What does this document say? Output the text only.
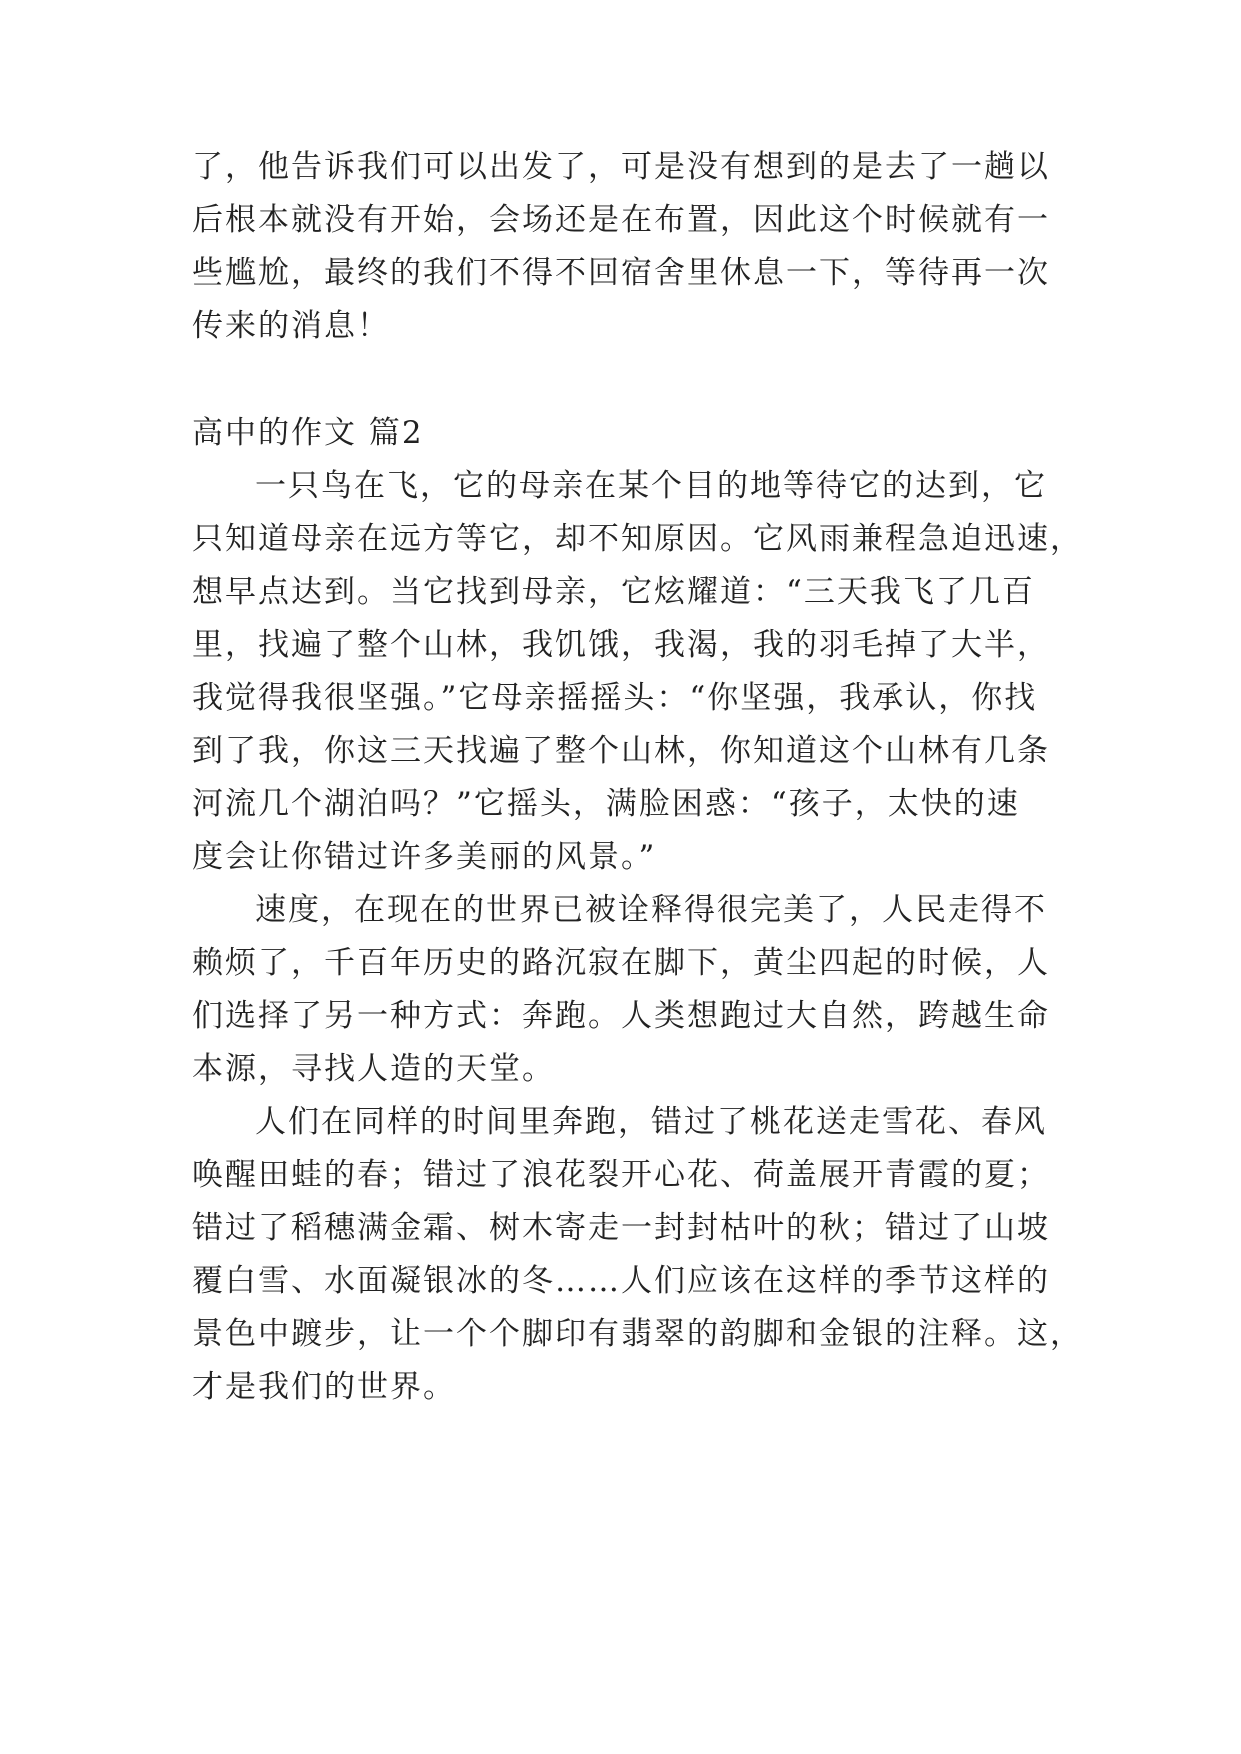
了，他告诉我们可以出发了，可是没有想到的是去了一趟以
后根本就没有开始，会场还是在布置，因此这个时候就有一
些尴尬，最终的我们不得不回宿舍里休息一下，等待再一次
传来的消息！
高中的作文 篇2
一只鸟在飞，它的母亲在某个目的地等待它的达到，它
只知道母亲在远方等它，却不知原因。它风雨兼程急迫迅速，
想早点达到。当它找到母亲，它炫耀道：“三天我飞了几百
里，找遍了整个山林，我饥饿，我渴，我的羽毛掉了大半，
我觉得我很坚强。”它母亲摇摇头：“你坚强，我承认，你找
到了我，你这三天找遍了整个山林，你知道这个山林有几条
河流几个湖泊吗？”它摇头，满脸困惑：“孩子，太快的速
度会让你错过许多美丽的风景。”
速度，在现在的世界已被诠释得很完美了，人民走得不
赖烦了，千百年历史的路沉寂在脚下，黄尘四起的时候，人
们选择了另一种方式：奔跑。人类想跑过大自然，跨越生命
本源，寻找人造的天堂。
人们在同样的时间里奔跑，错过了桃花送走雪花、春风
唤醒田蛙的春；错过了浪花裂开心花、荷盖展开青霞的夏；
错过了稻穗满金霜、树木寄走一封封枯叶的秋；错过了山坡
覆白雪、水面凝银冰的冬……人们应该在这样的季节这样的
景色中踱步，让一个个脚印有翡翠的韵脚和金银的注释。这，
才是我们的世界。
